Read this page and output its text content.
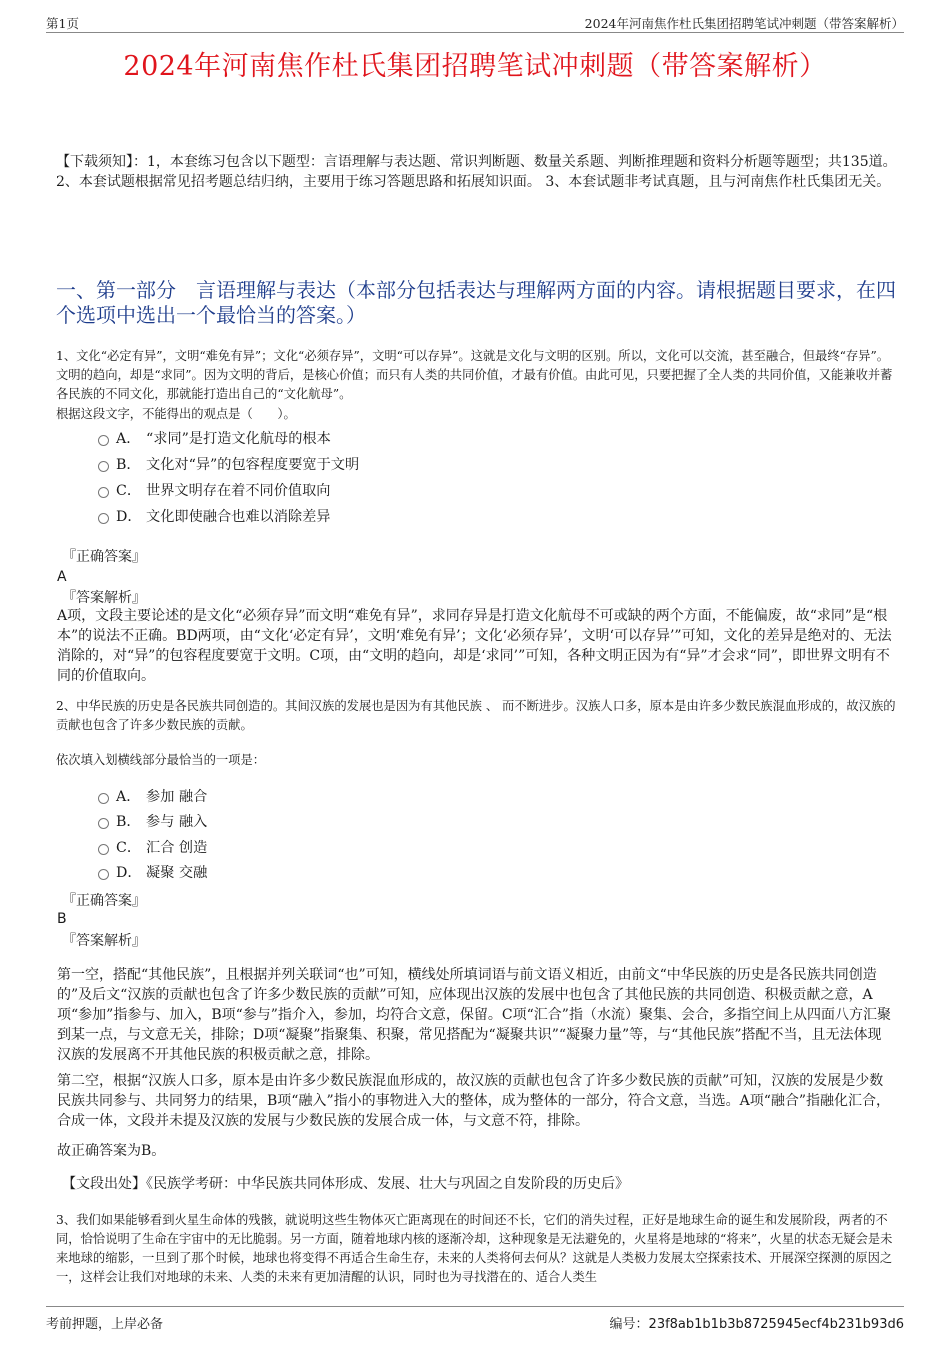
第1页	2024年河南焦作杜氏集团招聘笔试冲刺题（带答案解析）
2024年河南焦作杜氏集团招聘笔试冲刺题（带答案解析）
【下载须知】：1，本套练习包含以下题型：言语理解与表达题、常识判断题、数量关系题、判断推理题和资料分析题等题型；共135道。 2、本套试题根据常见招考题总结归纳，主要用于练习答题思路和拓展知识面。 3、本套试题非考试真题，且与河南焦作杜氏集团无关。
一、第一部分　言语理解与表达（本部分包括表达与理解两方面的内容。请根据题目要求，在四个选项中选出一个最恰当的答案。）
1、文化“必定有异”，文明“难免有异”；文化“必须存异”，文明“可以存异”。这就是文化与文明的区别。所以，文化可以交流，甚至融合，但最终“存异”。文明的趋向，却是“求同”。因为文明的背后，是核心价值；而只有人类的共同价值，才最有价值。由此可见，只要把握了全人类的共同价值，又能兼收并蓄各民族的不同文化，那就能打造出自己的“文化航母”。
根据这段文字，不能得出的观点是（　　）。
A． “求同”是打造文化航母的根本
B． 文化对“异”的包容程度要宽于文明
C． 世界文明存在着不同价值取向
D． 文化即使融合也难以消除差异
『正确答案』
A
『答案解析』
A项，文段主要论述的是文化“必须存异”而文明“难免有异”，求同存异是打造文化航母不可或缺的两个方面，不能偏废，故“求同”是“根本”的说法不正确。BD两项，由“文化‘必定有异’，文明‘难免有异’；文化‘必须存异’，文明‘可以存异’”可知，文化的差异是绝对的、无法消除的，对“异”的包容程度要宽于文明。C项，由“文明的趋向，却是‘求同’”可知，各种文明正因为有“异”才会求“同”，即世界文明有不同的价值取向。
2、中华民族的历史是各民族共同创造的。其间汉族的发展也是因为有其他民族 、 而不断进步。汉族人口多，原本是由许多少数民族混血形成的，故汉族的贡献也包含了许多少数民族的贡献。
依次填入划横线部分最恰当的一项是：
A． 参加 融合
B． 参与 融入
C． 汇合 创造
D． 凝聚 交融
『正确答案』
B
『答案解析』
第一空，搭配“其他民族”，且根据并列关联词“也”可知，横线处所填词语与前文语义相近，由前文“中华民族的历史是各民族共同创造的”及后文“汉族的贡献也包含了许多少数民族的贡献”可知，应体现出汉族的发展中也包含了其他民族的共同创造、积极贡献之意，A项“参加”指参与、加入，B项“参与”指介入，参加，均符合文意，保留。C项“汇合”指（水流）聚集、会合，多指空间上从四面八方汇聚到某一点，与文意无关，排除；D项“凝聚”指聚集、积聚，常见搭配为“凝聚共识”“凝聚力量”等，与“其他民族”搭配不当，且无法体现汉族的发展离不开其他民族的积极贡献之意，排除。
第二空，根据“汉族人口多，原本是由许多少数民族混血形成的，故汉族的贡献也包含了许多少数民族的贡献”可知，汉族的发展是少数民族共同参与、共同努力的结果，B项“融入”指小的事物进入大的整体，成为整体的一部分，符合文意，当选。A项“融合”指融化汇合，合成一体，文段并未提及汉族的发展与少数民族的发展合成一体，与文意不符，排除。
故正确答案为B。
【文段出处】《民族学考研：中华民族共同体形成、发展、壮大与巩固之自发阶段的历史后》
3、我们如果能够看到火星生命体的残骸，就说明这些生物体灭亡距离现在的时间还不长，它们的消失过程，正好是地球生命的诞生和发展阶段，两者的不同，恰恰说明了生命在宇宙中的无比脆弱。另一方面，随着地球内核的逐渐冷却，这种现象是无法避免的，火星将是地球的“将来”，火星的状态无疑会是未来地球的缩影，一旦到了那个时候，地球也将变得不再适合生命生存，未来的人类将何去何从？这就是人类极力发展太空探索技术、开展深空探测的原因之一，这样会让我们对地球的未来、人类的未来有更加清醒的认识，同时也为寻找潜在的、适合人类生
考前押题，上岸必备	编号：23f8ab1b1b3b8725945ecf4b231b93d6
